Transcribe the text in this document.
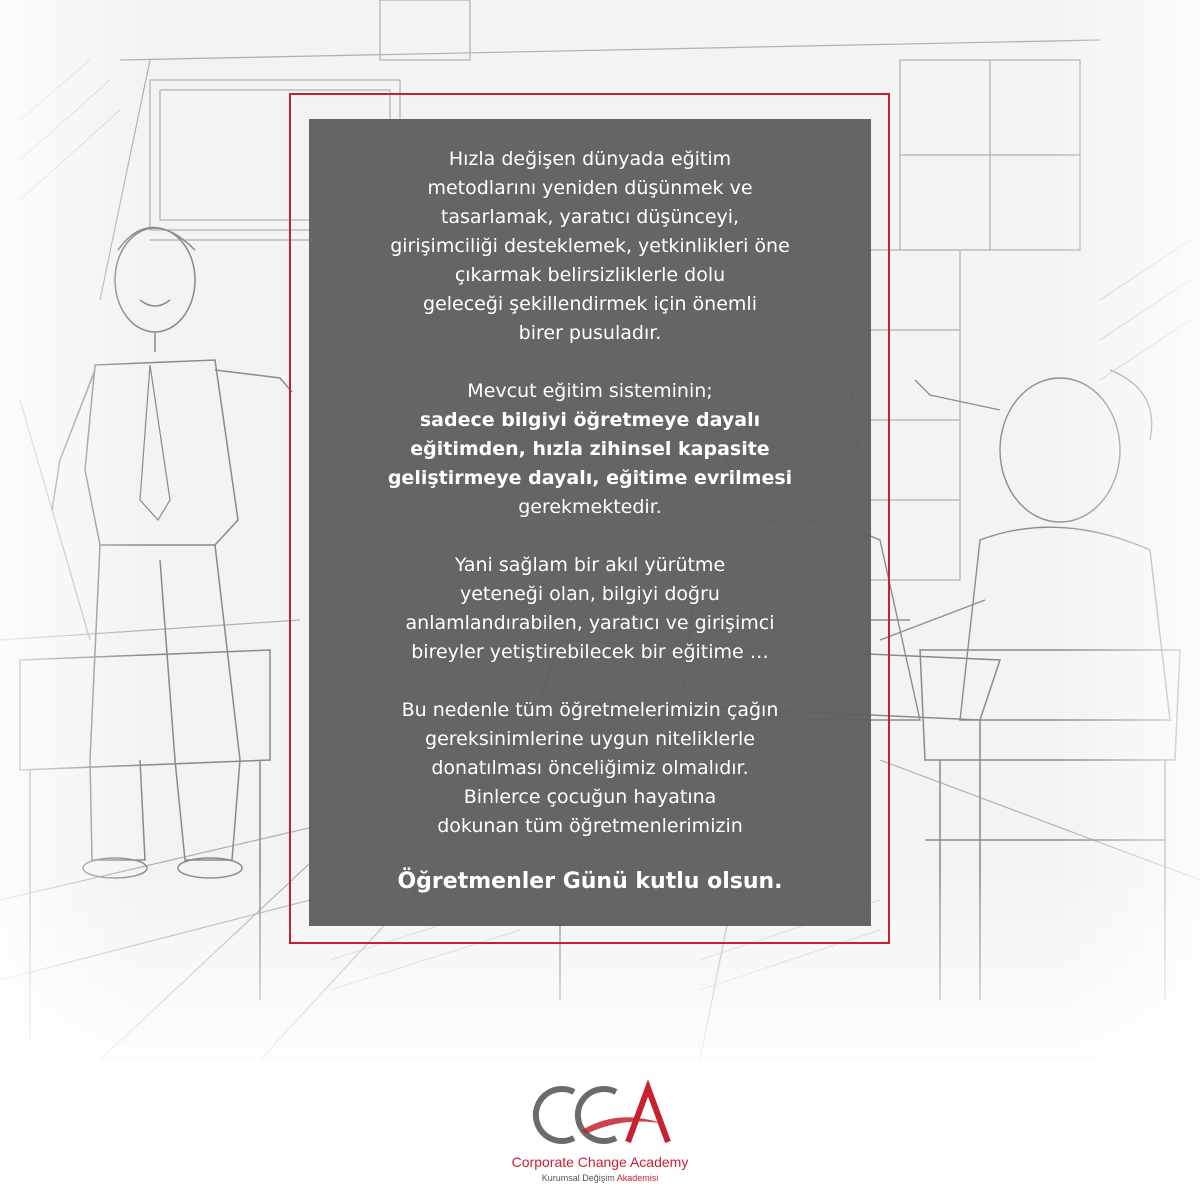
Hızla değişen dünyada eğitim
metodlarını yeniden düşünmek ve
tasarlamak, yaratıcı düşünceyi,
girişimciliği desteklemek, yetkinlikleri öne
çıkarmak belirsizliklerle dolu
geleceği şekillendirmek için önemli
birer pusuladır.

Mevcut eğitim sisteminin;
sadece bilgiyi öğretmeye dayalı
eğitimden, hızla zihinsel kapasite
geliştirmeye dayalı, eğitime evrilmesi
gerekmektedir.

Yani sağlam bir akıl yürütme
yeteneği olan, bilgiyi doğru
anlamlandırabilen, yaratıcı ve girişimci
bireyler yetiştirebilecek bir eğitime …

Bu nedenle tüm öğretmelerimizin çağın
gereksinimlerine uygun niteliklerle
donatılması önceliğimiz olmalıdır.
Binlerce çocuğun hayatına
dokunan tüm öğretmenlerimizin

Öğretmenler Günü kutlu olsun.
Corporate Change Academy
Kurumsal Değişim Akademisi
